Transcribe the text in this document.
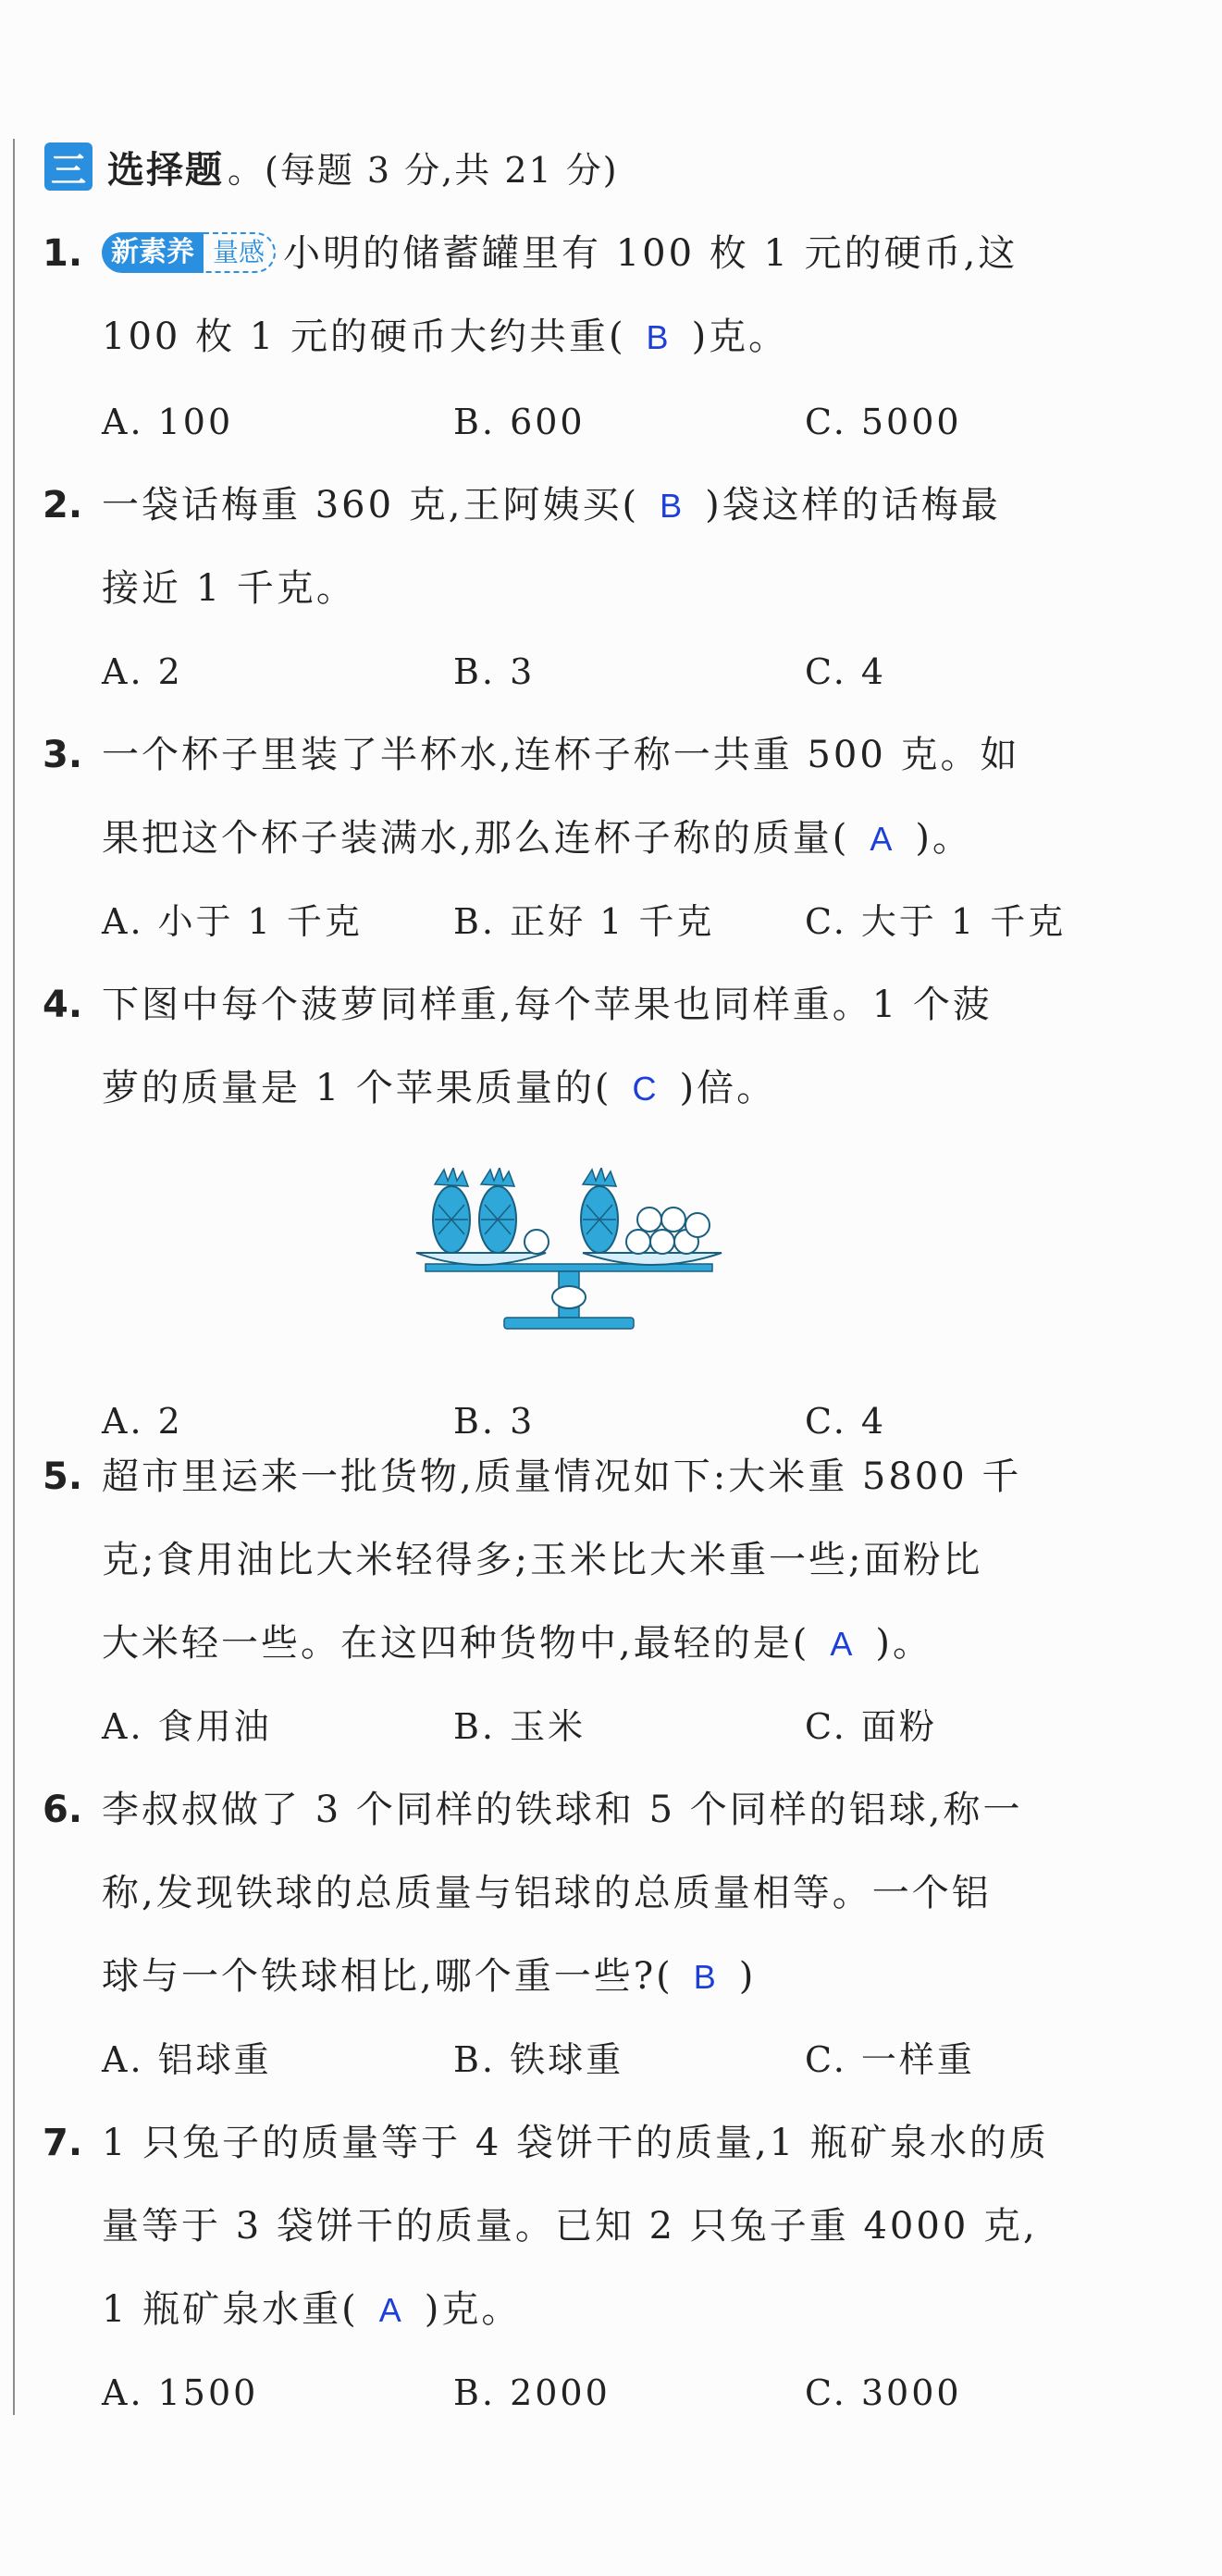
三 选择题 。(每题 3 分,共 21 分)
1.	新素养 量感 小明的储蓄罐里有 100 枚 1 元的硬币,这
100 枚 1 元的硬币大约共重( B )克。
A. 100	B. 600	C. 5000
2. 一袋话梅重 360 克,王阿姨买( B )袋这样的话梅最
接近 1 千克。
A. 2	B. 3	C. 4
3. 一个杯子里装了半杯水,连杯子称一共重 500 克。如
果把这个杯子装满水,那么连杯子称的质量( A )。
A. 小于 1 千克	B. 正好 1 千克	C. 大于 1 千克
4. 下图中每个菠萝同样重,每个苹果也同样重。1 个菠
萝的质量是 1 个苹果质量的( C )倍。
A. 2	B. 3	C. 4
5. 超市里运来一批货物,质量情况如下:大米重 5800 千
克;食用油比大米轻得多;玉米比大米重一些;面粉比
大米轻一些。在这四种货物中,最轻的是( A )。
A. 食用油	B. 玉米	C. 面粉
6. 李叔叔做了 3 个同样的铁球和 5 个同样的铝球,称一
称,发现铁球的总质量与铝球的总质量相等。一个铝
球与一个铁球相比,哪个重一些?( B )
A. 铝球重	B. 铁球重	C. 一样重
7. 1 只兔子的质量等于 4 袋饼干的质量,1 瓶矿泉水的质
量等于 3 袋饼干的质量。已知 2 只兔子重 4000 克,
1 瓶矿泉水重( A )克。
A. 1500	B. 2000	C. 3000
